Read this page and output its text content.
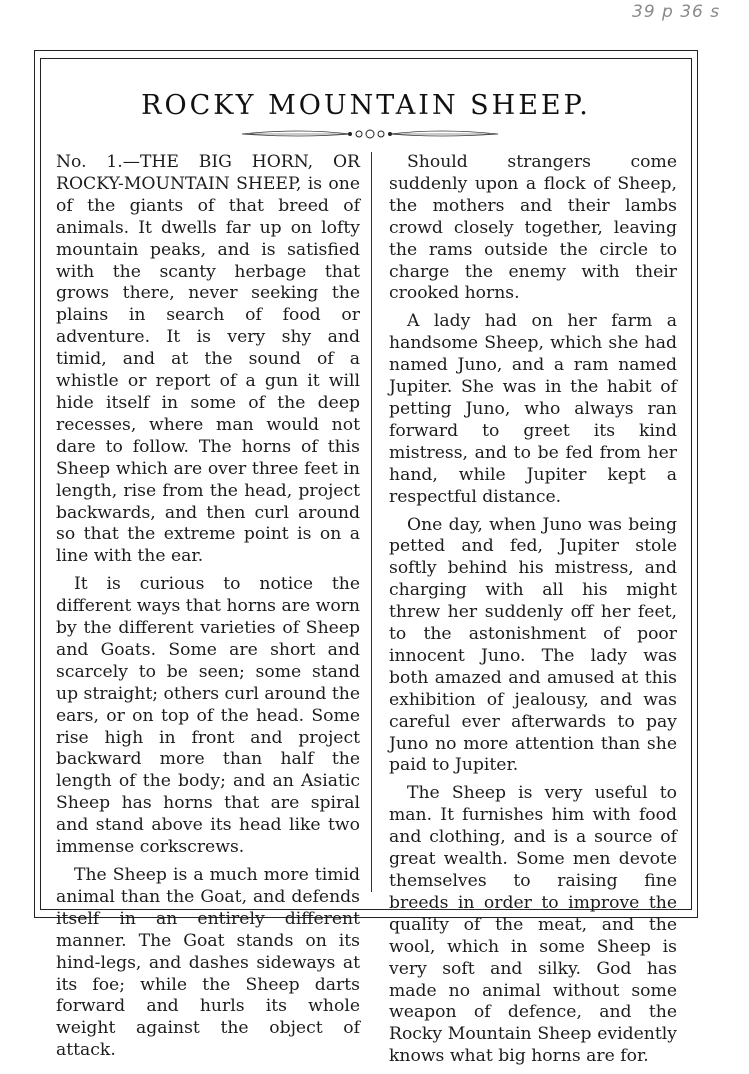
39 p 36 s
ROCKY MOUNTAIN SHEEP.

No. 1.—THE BIG HORN, OR ROCKY-MOUNTAIN SHEEP, is one of the giants of that breed of animals. It dwells far up on lofty mountain peaks, and is satisfied with the scanty herbage that grows there, never seeking the plains in search of food or adventure. It is very shy and timid, and at the sound of a whistle or report of a gun it will hide itself in some of the deep recesses, where man would not dare to follow. The horns of this Sheep which are over three feet in length, rise from the head, project backwards, and then curl around so that the extreme point is on a line with the ear.

It is curious to notice the different ways that horns are worn by the different varieties of Sheep and Goats. Some are short and scarcely to be seen; some stand up straight; others curl around the ears, or on top of the head. Some rise high in front and project backward more than half the length of the body; and an Asiatic Sheep has horns that are spiral and stand above its head like two immense corkscrews.

The Sheep is a much more timid animal than the Goat, and defends itself in an entirely different manner. The Goat stands on its hind-legs, and dashes sideways at its foe; while the Sheep darts forward and hurls its whole weight against the object of attack.

Should strangers come suddenly upon a flock of Sheep, the mothers and their lambs crowd closely together, leaving the rams outside the circle to charge the enemy with their crooked horns.

A lady had on her farm a handsome Sheep, which she had named Juno, and a ram named Jupiter. She was in the habit of petting Juno, who always ran forward to greet its kind mistress, and to be fed from her hand, while Jupiter kept a respectful distance.

One day, when Juno was being petted and fed, Jupiter stole softly behind his mistress, and charging with all his might threw her suddenly off her feet, to the astonishment of poor innocent Juno. The lady was both amazed and amused at this exhibition of jealousy, and was careful ever afterwards to pay Juno no more attention than she paid to Jupiter.

The Sheep is very useful to man. It furnishes him with food and clothing, and is a source of great wealth. Some men devote themselves to raising fine breeds in order to improve the quality of the meat, and the wool, which in some Sheep is very soft and silky. God has made no animal without some weapon of defence, and the Rocky Mountain Sheep evidently knows what big horns are for.
